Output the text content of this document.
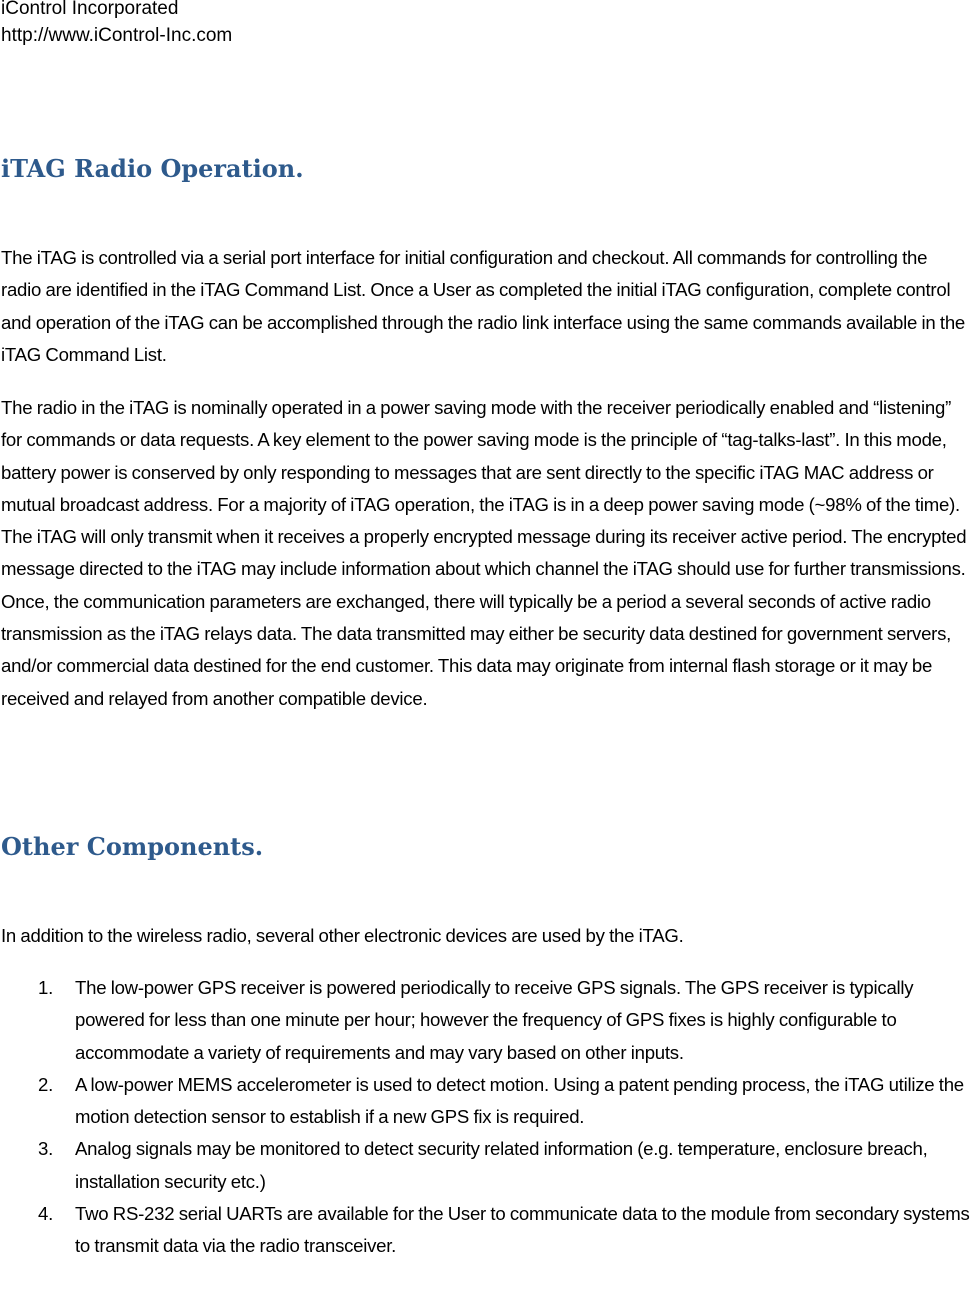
iControl Incorporated
http://www.iControl-Inc.com
iTAG Radio Operation.

The iTAG is controlled via a serial port interface for initial configuration and checkout. All commands for controlling the radio are identified in the iTAG Command List. Once a User as completed the initial iTAG configuration, complete control and operation of the iTAG can be accomplished through the radio link interface using the same commands available in the iTAG Command List.

The radio in the iTAG is nominally operated in a power saving mode with the receiver periodically enabled and “listening” for commands or data requests. A key element to the power saving mode is the principle of “tag-talks-last”. In this mode, battery power is conserved by only responding to messages that are sent directly to the specific iTAG MAC address or mutual broadcast address. For a majority of iTAG operation, the iTAG is in a deep power saving mode (~98% of the time). The iTAG will only transmit when it receives a properly encrypted message during its receiver active period. The encrypted message directed to the iTAG may include information about which channel the iTAG should use for further transmissions. Once, the communication parameters are exchanged, there will typically be a period a several seconds of active radio transmission as the iTAG relays data. The data transmitted may either be security data destined for government servers, and/or commercial data destined for the end customer. This data may originate from internal flash storage or it may be received and relayed from another compatible device.

Other Components.

In addition to the wireless radio, several other electronic devices are used by the iTAG.

1. The low-power GPS receiver is powered periodically to receive GPS signals. The GPS receiver is typically powered for less than one minute per hour; however the frequency of GPS fixes is highly configurable to accommodate a variety of requirements and may vary based on other inputs.
2. A low-power MEMS accelerometer is used to detect motion. Using a patent pending process, the iTAG utilize the motion detection sensor to establish if a new GPS fix is required.
3. Analog signals may be monitored to detect security related information (e.g. temperature, enclosure breach, installation security etc.)
4. Two RS-232 serial UARTs are available for the User to communicate data to the module from secondary systems to transmit data via the radio transceiver.
